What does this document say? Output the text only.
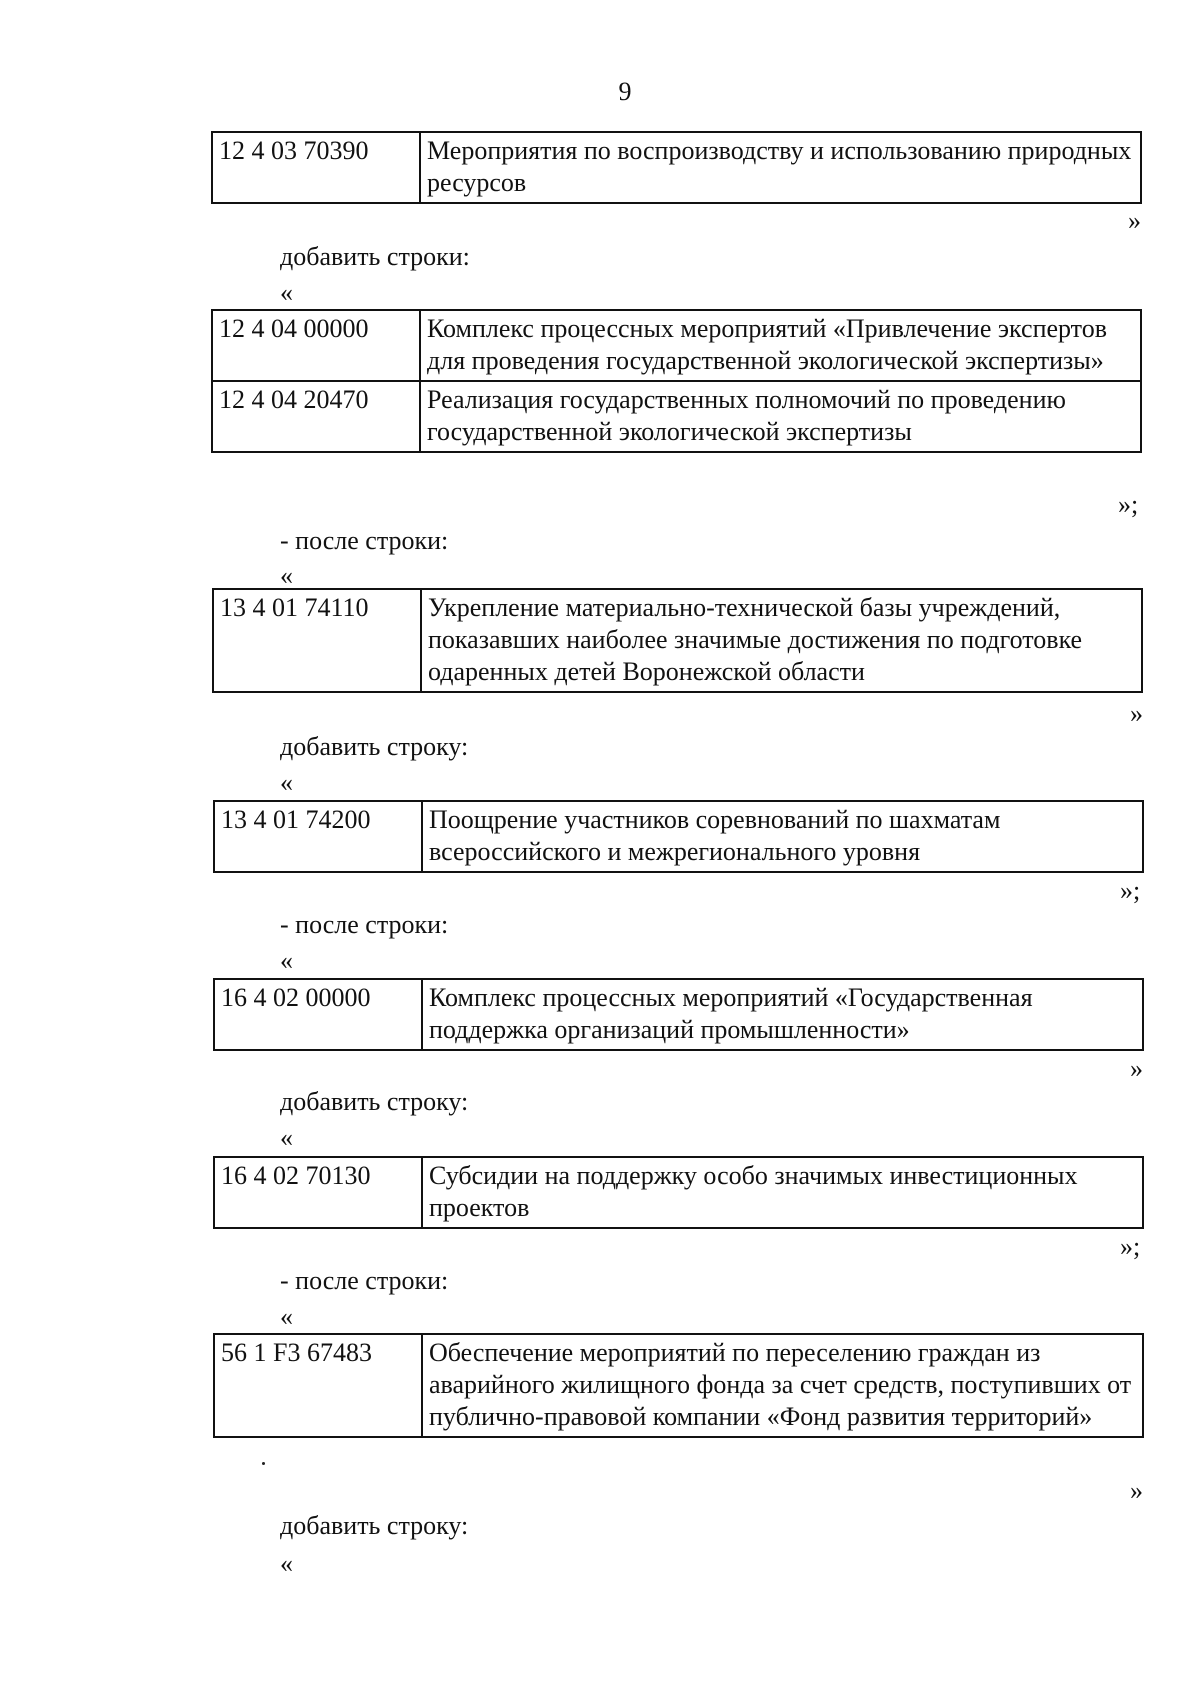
9
12 4 03 70390	Мероприятия по воспроизводству и использованию природных ресурсов
»
добавить строки:
«
12 4 04 00000	Комплекс процессных мероприятий «Привлечение экспертов для проведения государственной экологической экспертизы»
12 4 04 20470	Реализация государственных полномочий по проведению государственной экологической экспертизы
»;
- после строки:
«
13 4 01 74110	Укрепление материально-технической базы учреждений, показавших наиболее значимые достижения по подготовке одаренных детей Воронежской области
»
добавить строку:
«
13 4 01 74200	Поощрение участников соревнований по шахматам всероссийского и межрегионального уровня
»;
- после строки:
«
16 4 02 00000	Комплекс процессных мероприятий «Государственная поддержка организаций промышленности»
»
добавить строку:
«
16 4 02 70130	Субсидии на поддержку особо значимых инвестиционных проектов
»;
- после строки:
«
56 1 F3 67483	Обеспечение мероприятий по переселению граждан из аварийного жилищного фонда за счет средств, поступивших от публично-правовой компании «Фонд развития территорий»
»
добавить строку:
«
